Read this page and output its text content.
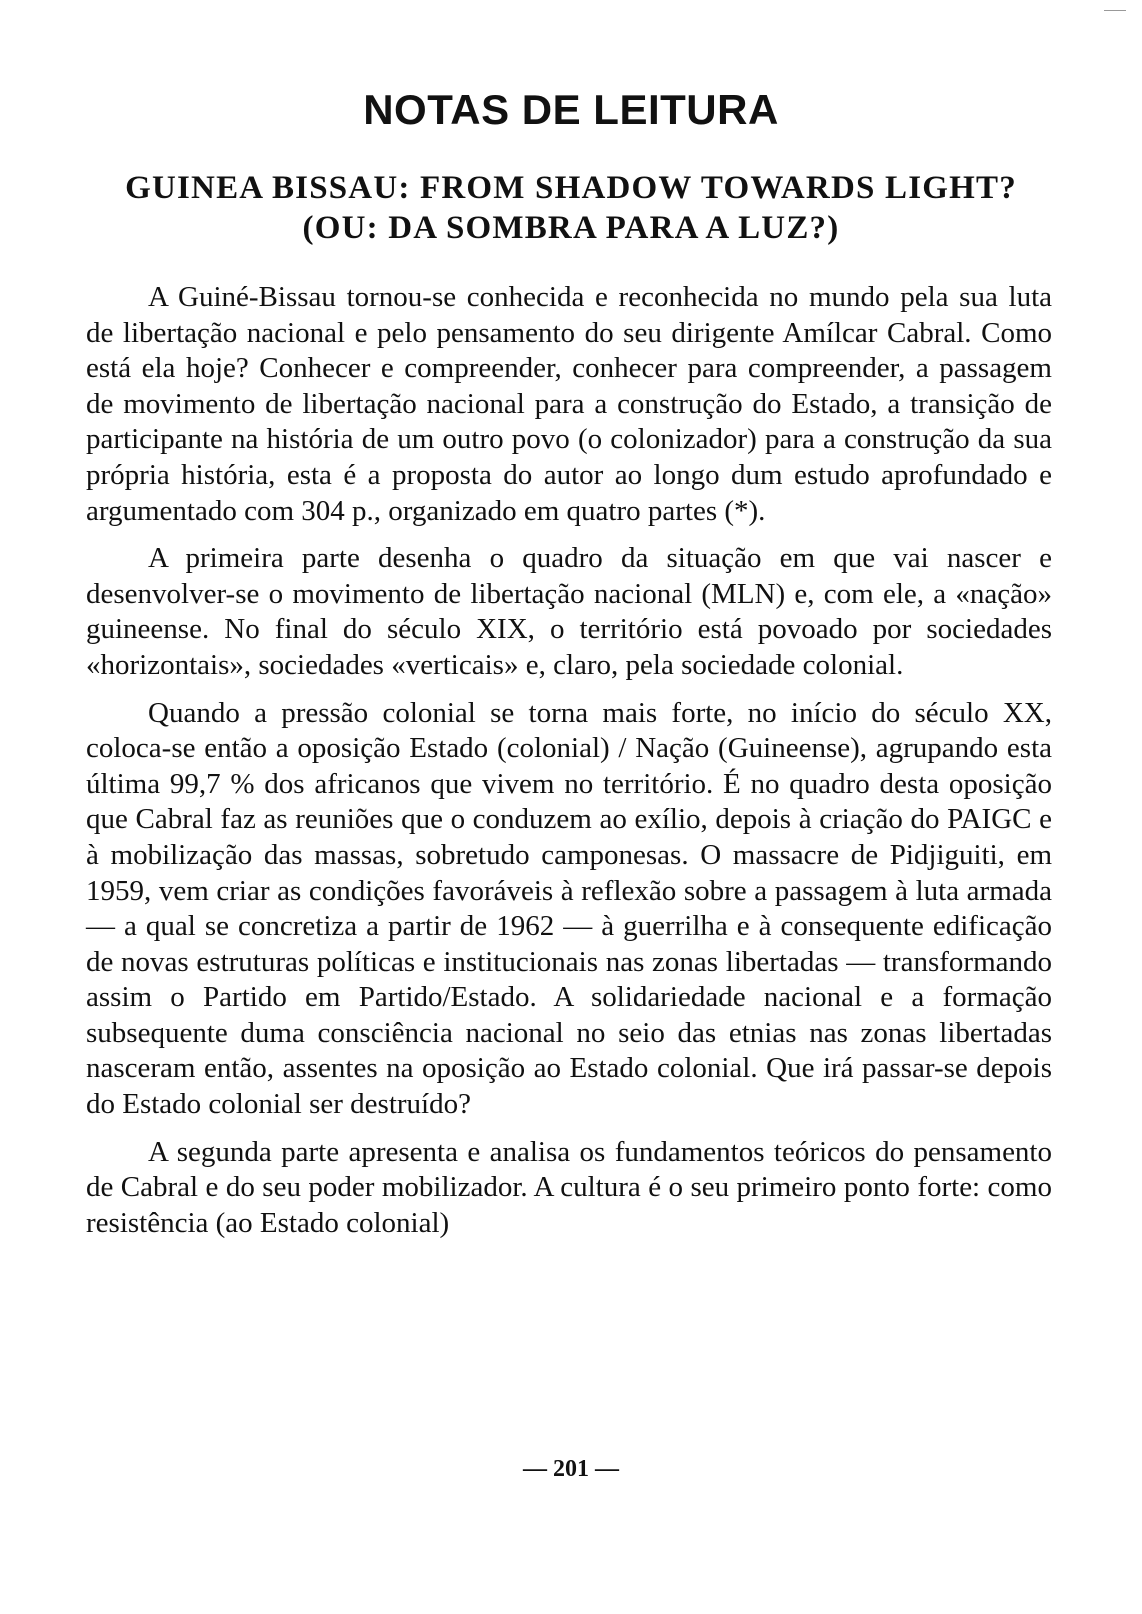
NOTAS DE LEITURA
GUINEA BISSAU: FROM SHADOW TOWARDS LIGHT?
(OU: DA SOMBRA PARA A LUZ?)

A Guiné-Bissau tornou-se conhecida e reconhecida no mundo pela sua luta de libertação nacional e pelo pensamento do seu dirigente Amílcar Cabral. Como está ela hoje? Conhecer e compreender, conhecer para compreender, a passagem de movimento de libertação nacional para a construção do Estado, a transição de participante na história de um outro povo (o colonizador) para a construção da sua própria história, esta é a proposta do autor ao longo dum estudo aprofundado e argumentado com 304 p., organizado em quatro partes (*).

A primeira parte desenha o quadro da situação em que vai nascer e desenvolver-se o movimento de libertação nacional (MLN) e, com ele, a «nação» guineense. No final do século XIX, o território está povoado por sociedades «horizontais», sociedades «verticais» e, claro, pela sociedade colonial.

Quando a pressão colonial se torna mais forte, no início do século XX, coloca-se então a oposição Estado (colonial) / Nação (Guineense), agrupando esta última 99,7 % dos africanos que vivem no território. É no quadro desta oposição que Cabral faz as reuniões que o conduzem ao exílio, depois à criação do PAIGC e à mobilização das massas, sobretudo camponesas. O massacre de Pidjiguiti, em 1959, vem criar as condições favoráveis à reflexão sobre a passagem à luta armada — a qual se concretiza a partir de 1962 — à guerrilha e à consequente edificação de novas estruturas políticas e institucionais nas zonas libertadas — transformando assim o Partido em Partido/Estado. A solidariedade nacional e a formação subsequente duma consciência nacional no seio das etnias nas zonas libertadas nasceram então, assentes na oposição ao Estado colonial. Que irá passar-se depois do Estado colonial ser destruído?

A segunda parte apresenta e analisa os fundamentos teóricos do pensamento de Cabral e do seu poder mobilizador. A cultura é o seu primeiro ponto forte: como resistência (ao Estado colonial)

— 201 —
